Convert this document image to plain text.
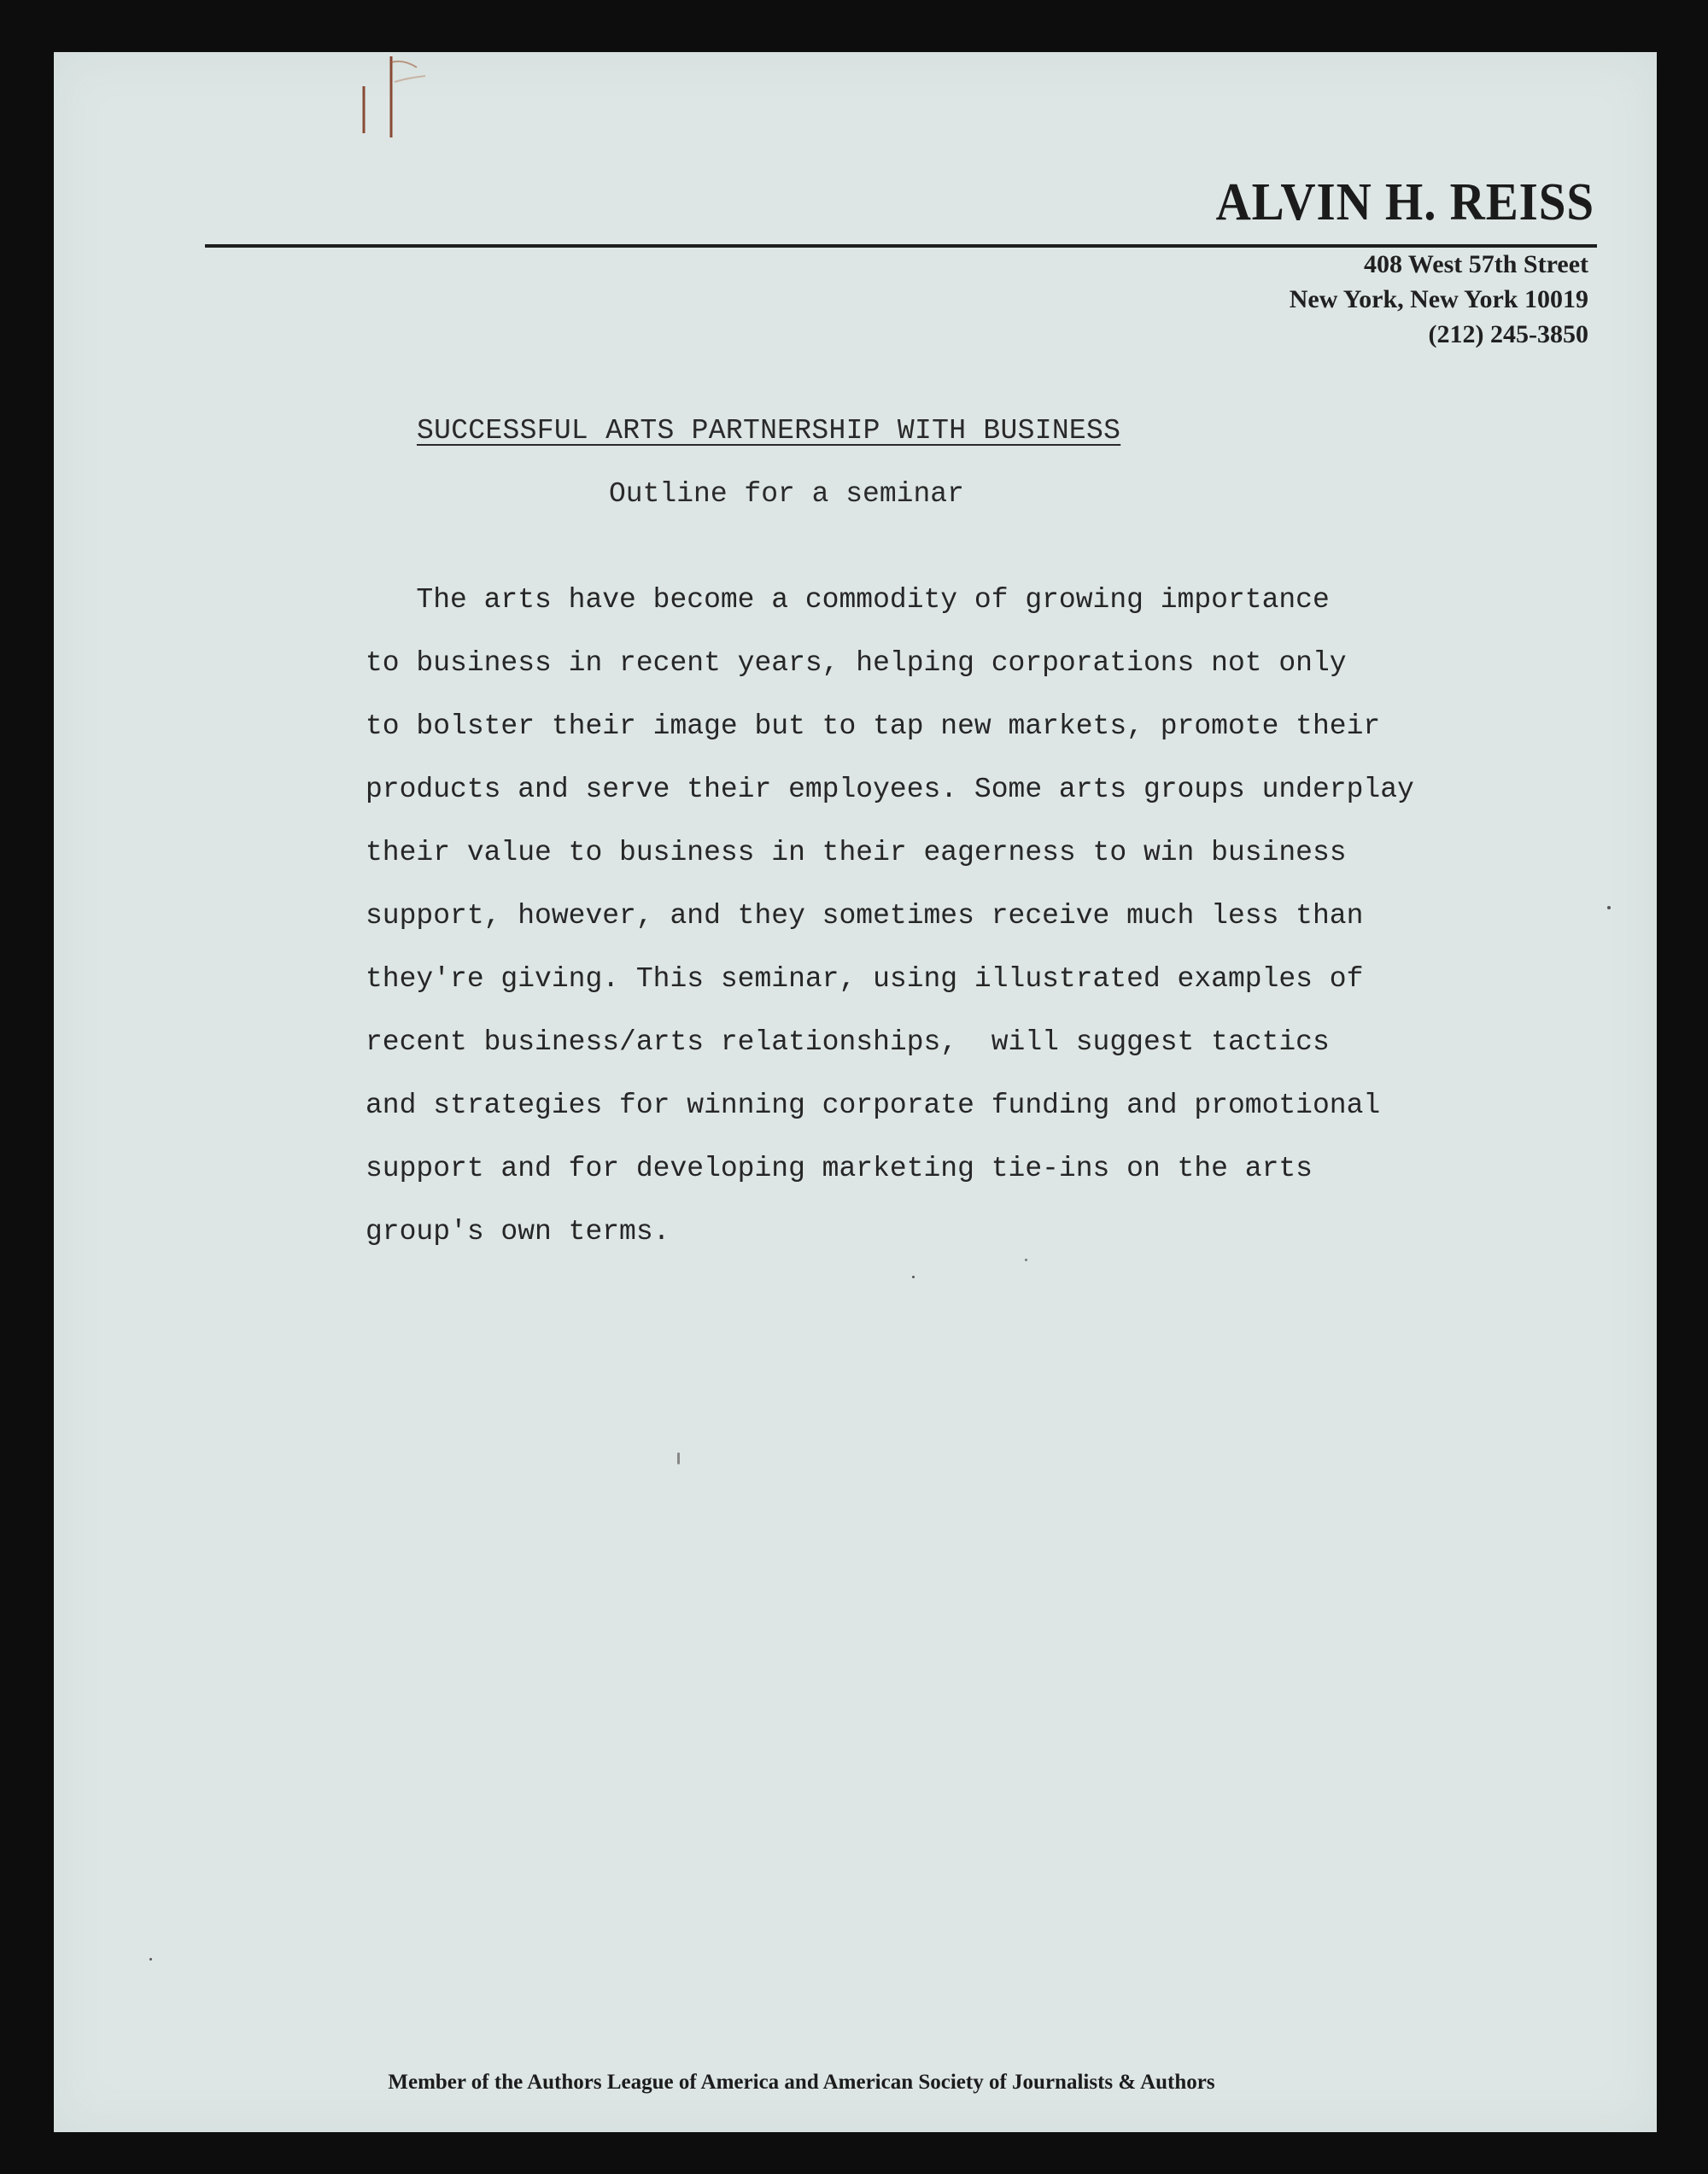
ALVIN H. REISS
408 West 57th Street
New York, New York 10019
(212) 245-3850
SUCCESSFUL ARTS PARTNERSHIP WITH BUSINESS
Outline for a seminar
The arts have become a commodity of growing importance
to business in recent years, helping corporations not only
to bolster their image but to tap new markets, promote their
products and serve their employees. Some arts groups underplay
their value to business in their eagerness to win business
support, however, and they sometimes receive much less than
they're giving. This seminar, using illustrated examples of
recent business/arts relationships,  will suggest tactics
and strategies for winning corporate funding and promotional
support and for developing marketing tie-ins on the arts
group's own terms.
Member of the Authors League of America and American Society of Journalists & Authors
